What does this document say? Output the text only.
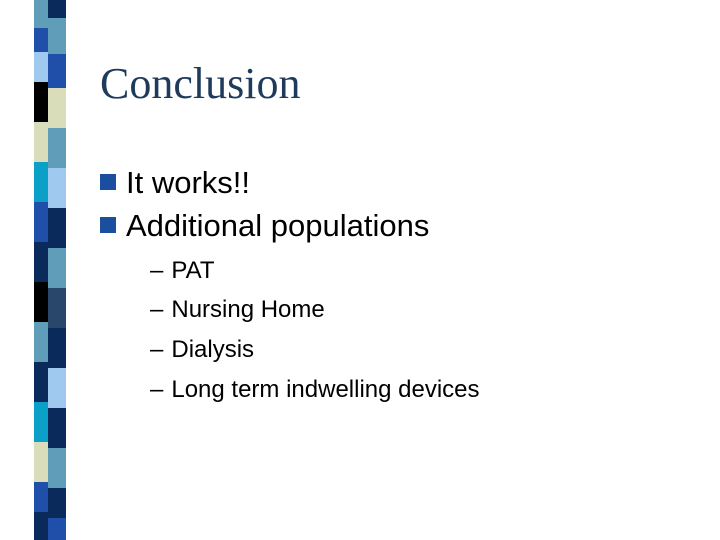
Conclusion
It works!!
Additional populations
– PAT
– Nursing Home
– Dialysis
– Long term indwelling devices
